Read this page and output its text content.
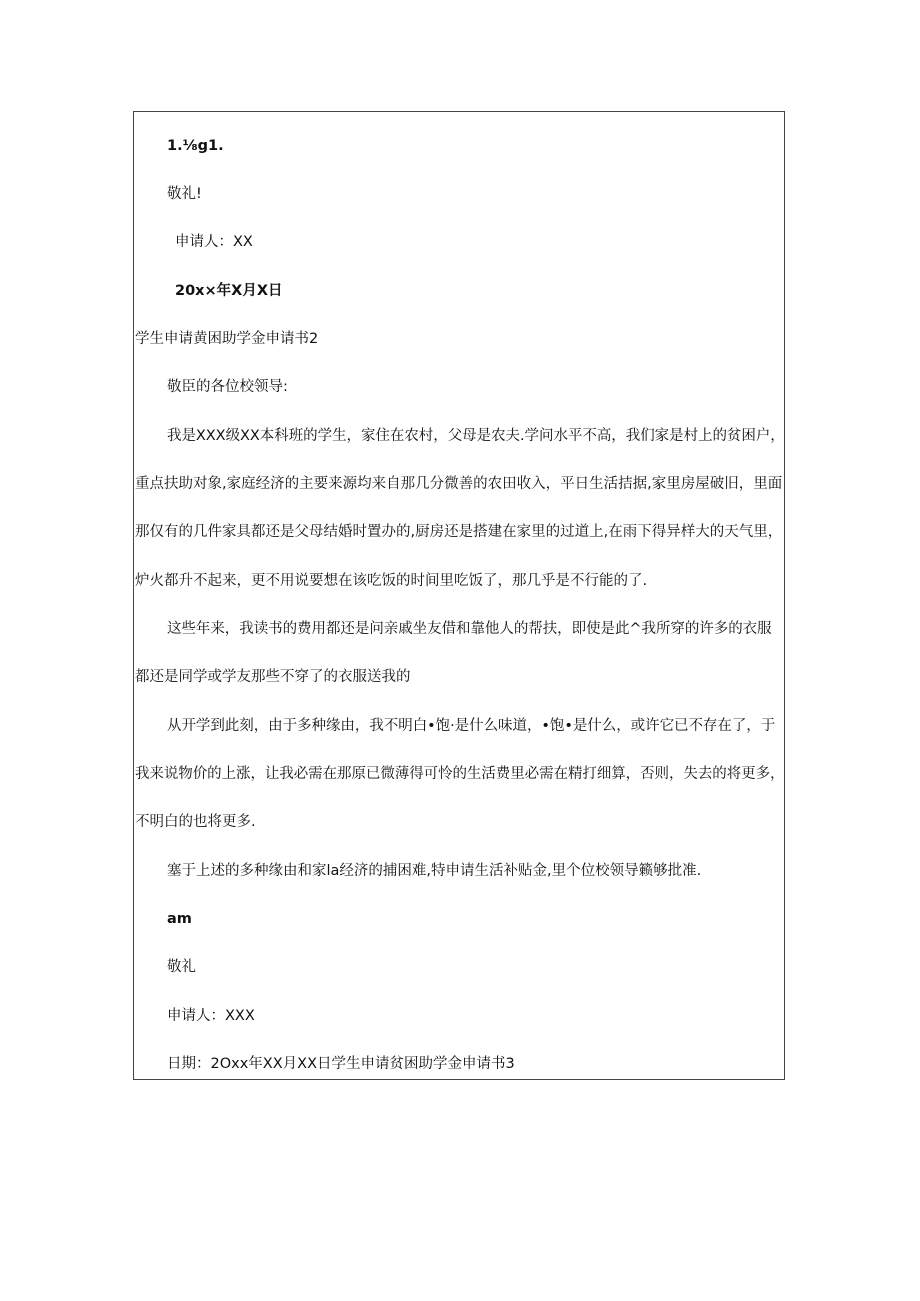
1.⅛g1.
敬礼!
申请人：XX
20x×年X月X日
学生申请黄困助学金申请书2
敬臣的各位校领导:
我是XXX级XX本科班的学生，家住在农村，父母是农夫.学问水平不高，我们家是村上的贫困户，
重点扶助对象,家庭经济的主要来源均来自那几分微善的农田收入，平日生活拮据,家里房屋破旧，里面
那仅有的几件家具都还是父母结婚时置办的,厨房还是搭建在家里的过道上,在雨下得异样大的天气里，
炉火都升不起来，更不用说要想在该吃饭的时间里吃饭了，那几乎是不行能的了.
这些年来，我读书的费用都还是问亲戚坐友借和靠他人的帮扶，即使是此^我所穿的许多的衣服
都还是同学或学友那些不穿了的衣服送我的
从开学到此刻，由于多种缘由，我不明白•饱·是什么味道，•饱•是什么，或许它已不存在了，于
我来说物价的上涨，让我必需在那原已微薄得可怜的生活费里必需在精打细算，否则，失去的将更多，
不明白的也将更多.
塞于上述的多种缘由和家la经济的捕困难,特申请生活补贴金,里个位校领导籁够批准.
am
敬礼
申请人：XXX
日期：2Oxx年XX月XX日学生申请贫困助学金申请书3
